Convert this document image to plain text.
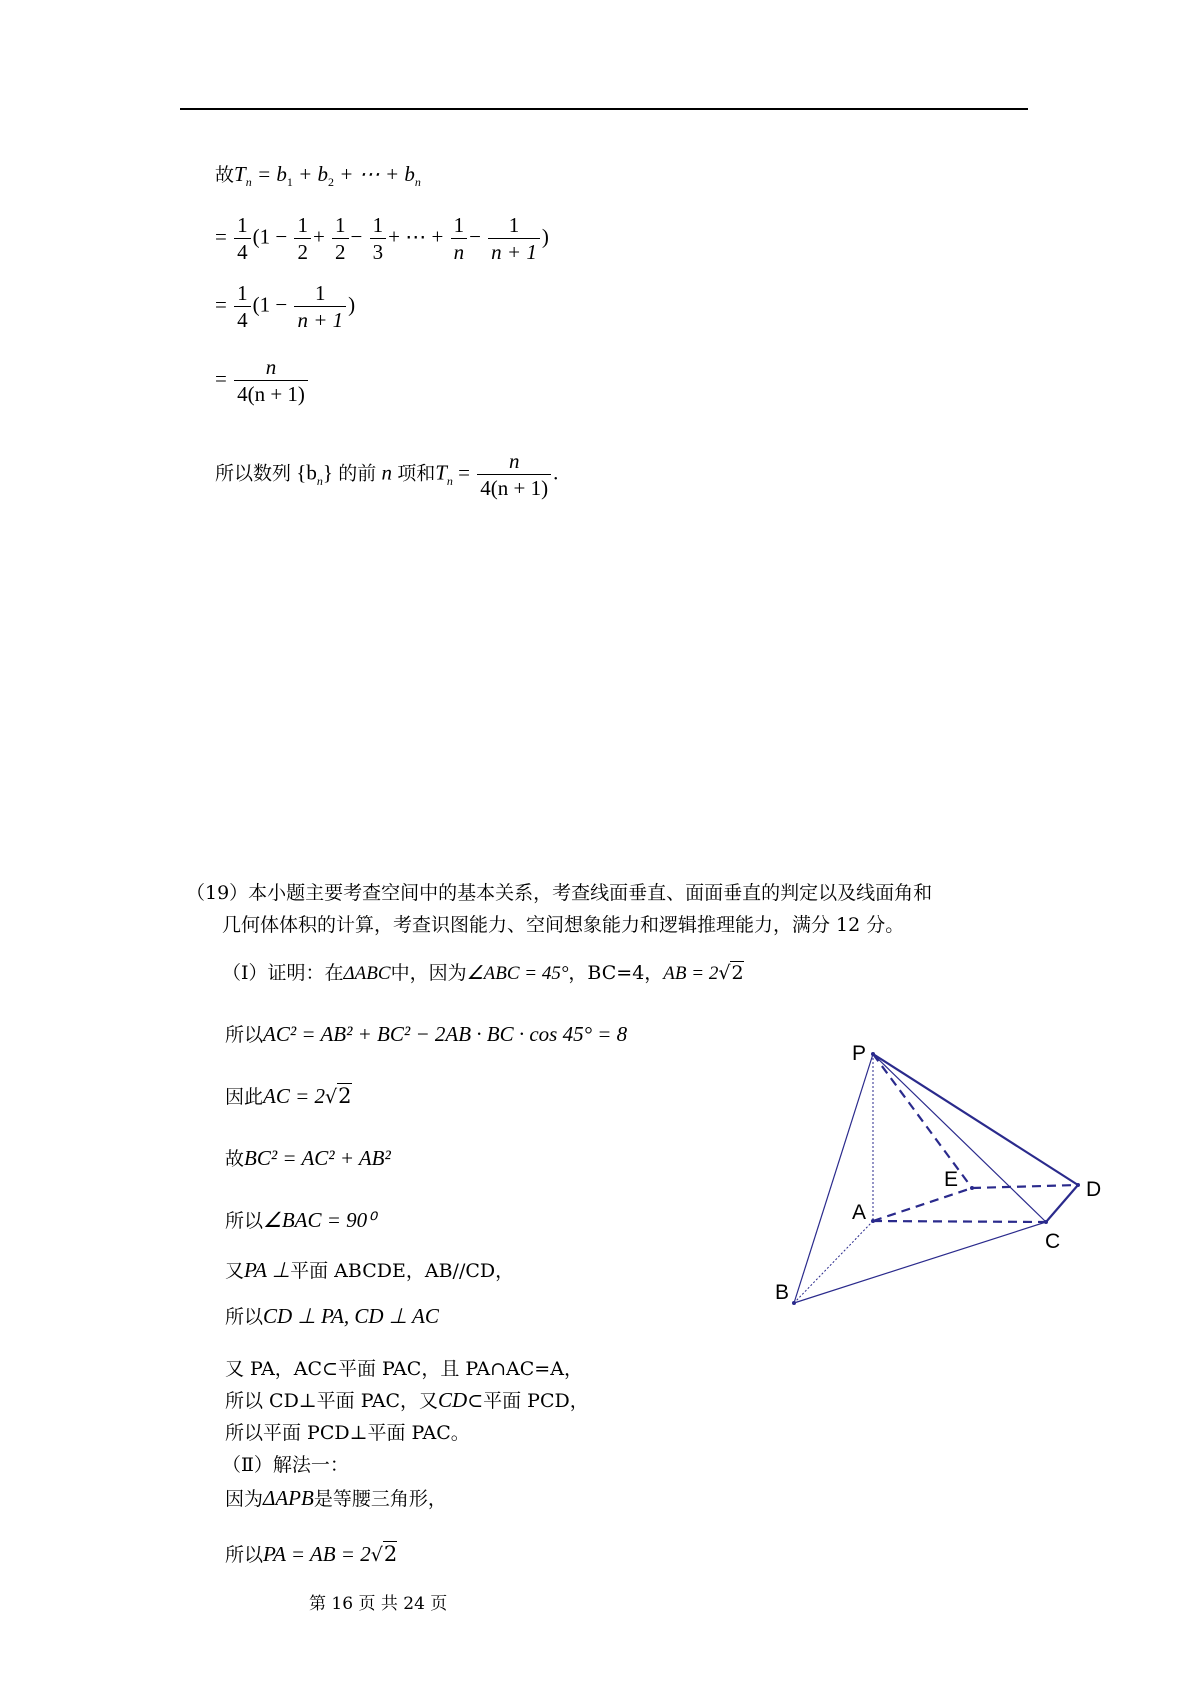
故$T_n = b_1 + b_2$ + ⋯ + $b_n$
= $\frac{1}{4} (1 - \frac{1}{2} + \frac{1}{2} - \frac{1}{3}$ + ⋯ + $\frac{1}{n} - \frac{1}{n + 1}$ )
= $\frac{1}{4} (1 - \frac{1}{n + 1}$ )
= $\frac{n}{4(n + 1)}$
所以数列 $\{b_n\}$ 的前 n 项和$T_n = \frac{n}{4(n + 1)}$ .
（19）本小题主要考查空间中的基本关系，考查线面垂直、面面垂直的判定以及线面角和
几何体体积的计算，考查识图能力、空间想象能力和逻辑推理能力，满分 12 分。
（Ⅰ）证明：在ΔABC中，因为∠ABC = 45°，BC=4，AB = 2√2
所以AC² = AB² + BC² − 2AB · BC · cos 45° = 8
因此AC = 2√2
故BC² = AC² + AB²
所以∠BAC = 90⁰
又PA ⊥平面 ABCDE，AB//CD，
所以CD ⊥ PA, CD ⊥ AC
又 PA，AC⊂平面 PAC，且 PA∩AC=A，
所以 CD⊥平面 PAC，又CD⊂平面 PCD，
所以平面 PCD⊥平面 PAC。
（Ⅱ）解法一：
因为ΔAPB是等腰三角形，
所以PA = AB = 2√2
P
A
B
C
D
E
第 16 页 共 24 页
